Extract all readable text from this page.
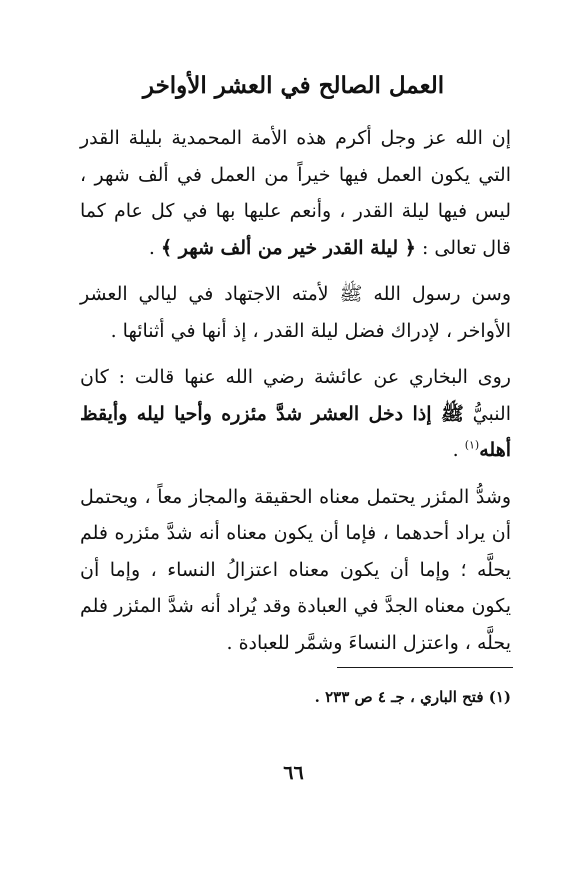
العمل الصالح في العشر الأواخر

إن الله عز وجل أكرم هذه الأمة المحمدية بليلة القدر التي يكون العمل فيها خيراً من العمل في ألف شهر ، ليس فيها ليلة القدر ، وأنعم عليها بها في كل عام كما قال تعالى : ﴿ ليلة القدر خير من ألف شهر ﴾ .

وسن رسول الله ﷺ لأمته الاجتهاد في ليالي العشر الأواخر ، لإدراك فضل ليلة القدر ، إذ أنها في أثنائها .

روى البخاري عن عائشة رضي الله عنها قالت : كان النبيُّ ﷺ إذا دخل العشر شدَّ مئزره وأحيا ليله وأيقظ أهله$^{(١)}$ .

وشدُّ المئزر يحتمل معناه الحقيقة والمجاز معاً ، ويحتمل أن يراد أحدهما ، فإما أن يكون معناه أنه شدَّ مئزره فلم يحلَّه ؛ وإما أن يكون معناه اعتزالُ النساء ، وإما أن يكون معناه الجدَّ في العبادة وقد يُراد أنه شدَّ المئزر فلم يحلَّه ، واعتزل النساءَ وشمَّر للعبادة .

(١) فتح الباري ، جـ ٤ ص ٢٣٣ .

٦٦
